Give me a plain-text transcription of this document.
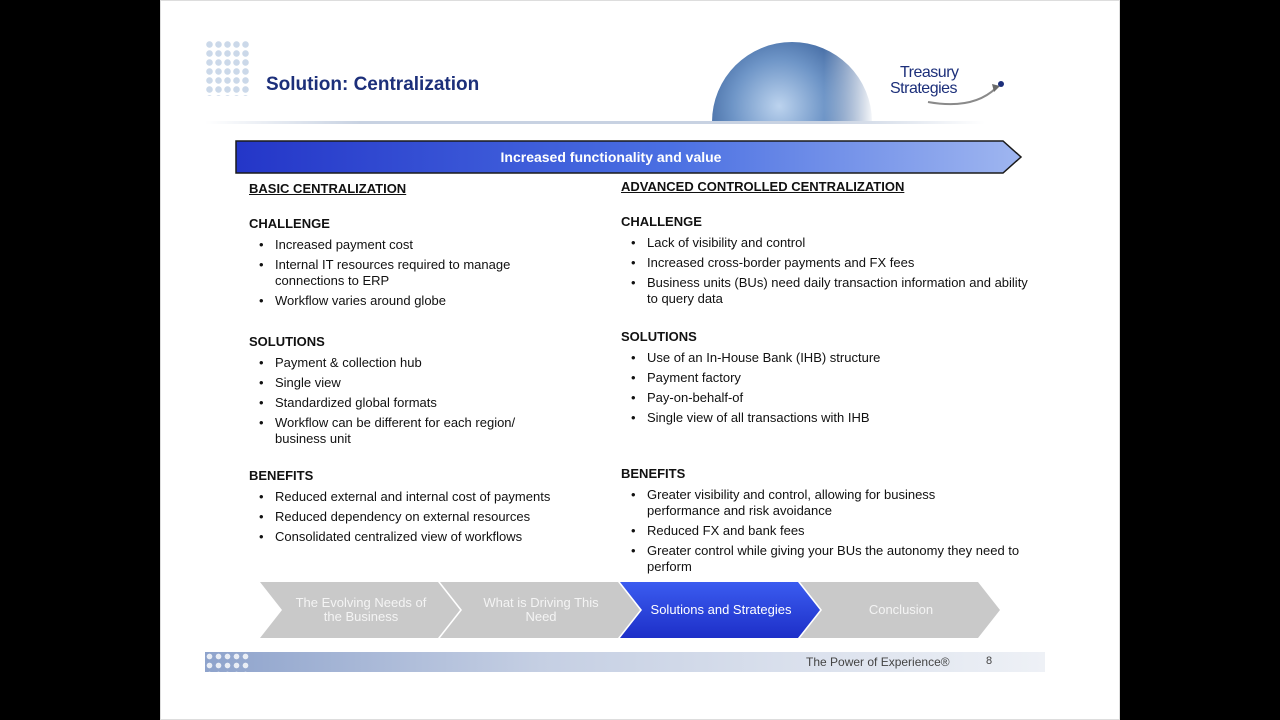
Solution: Centralization
Treasury
Strategies
Increased functionality and value
BASIC CENTRALIZATION
CHALLENGE
• Increased payment cost
• Internal IT resources required to manage connections to ERP
• Workflow varies around globe
SOLUTIONS
• Payment & collection hub
• Single view
• Standardized global formats
• Workflow can be different for each region/ business unit
BENEFITS
• Reduced external and internal cost of payments
• Reduced dependency on external resources
• Consolidated centralized view of workflows
ADVANCED CONTROLLED CENTRALIZATION
CHALLENGE
• Lack of visibility and control
• Increased cross-border payments and FX fees
• Business units (BUs) need daily transaction information and ability to query data
SOLUTIONS
• Use of an In-House Bank (IHB) structure
• Payment factory
• Pay-on-behalf-of
• Single view of all transactions with IHB
BENEFITS
• Greater visibility and control, allowing for business performance and risk avoidance
• Reduced FX and bank fees
• Greater control while giving your BUs the autonomy they need to perform
The Evolving Needs of the Business
What is Driving This Need	Solutions and Strategies	Conclusion
The Power of Experience®	8
